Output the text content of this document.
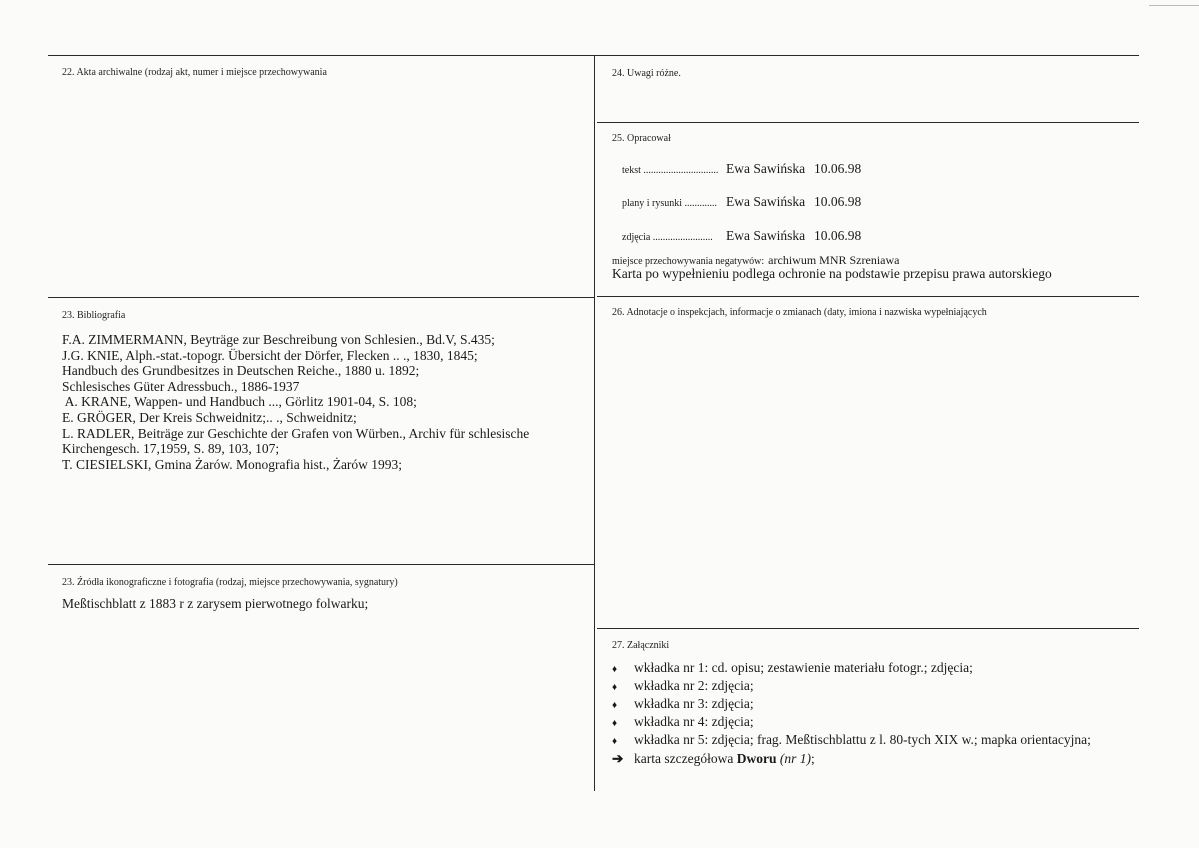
22. Akta archiwalne (rodzaj akt, numer i miejsce przechowywania
23. Bibliografia
F.A. ZIMMERMANN, Beyträge zur Beschreibung von Schlesien., Bd.V, S.435;
J.G. KNIE, Alph.-stat.-topogr. Übersicht der Dörfer, Flecken .. ., 1830, 1845;
Handbuch des Grundbesitzes in Deutschen Reiche., 1880 u. 1892;
Schlesisches Güter Adressbuch., 1886-1937
A. KRANE, Wappen- und Handbuch ..., Görlitz 1901-04, S. 108;
E. GRÖGER, Der Kreis Schweidnitz;.. ., Schweidnitz;
L. RADLER, Beiträge zur Geschichte der Grafen von Würben., Archiv für schlesische
Kirchengesch. 17,1959, S. 89, 103, 107;
T. CIESIELSKI, Gmina Żarów. Monografia hist., Żarów 1993;
23. Źródła ikonograficzne i fotografia (rodzaj, miejsce przechowywania, sygnatury)
Meßtischblatt z 1883 r z zarysem pierwotnego folwarku;
24. Uwagi różne.
25. Opracował
tekst .............................. Ewa Sawińska 10.06.98
plany i rysunki ............. Ewa Sawińska 10.06.98
zdjęcia ........................ Ewa Sawińska 10.06.98
miejsce przechowywania negatywów: archiwum MNR Szreniawa
Karta po wypełnieniu podlega ochronie na podstawie przepisu prawa autorskiego
26. Adnotacje o inspekcjach, informacje o zmianach (daty, imiona i nazwiska wypełniających
27. Załączniki
♦ wkładka nr 1: cd. opisu; zestawienie materiału fotogr.; zdjęcia;
♦ wkładka nr 2: zdjęcia;
♦ wkładka nr 3: zdjęcia;
♦ wkładka nr 4: zdjęcia;
♦ wkładka nr 5: zdjęcia; frag. Meßtischblattu z l. 80-tych XIX w.; mapka orientacyjna;
➔ karta szczegółowa Dworu (nr 1);
